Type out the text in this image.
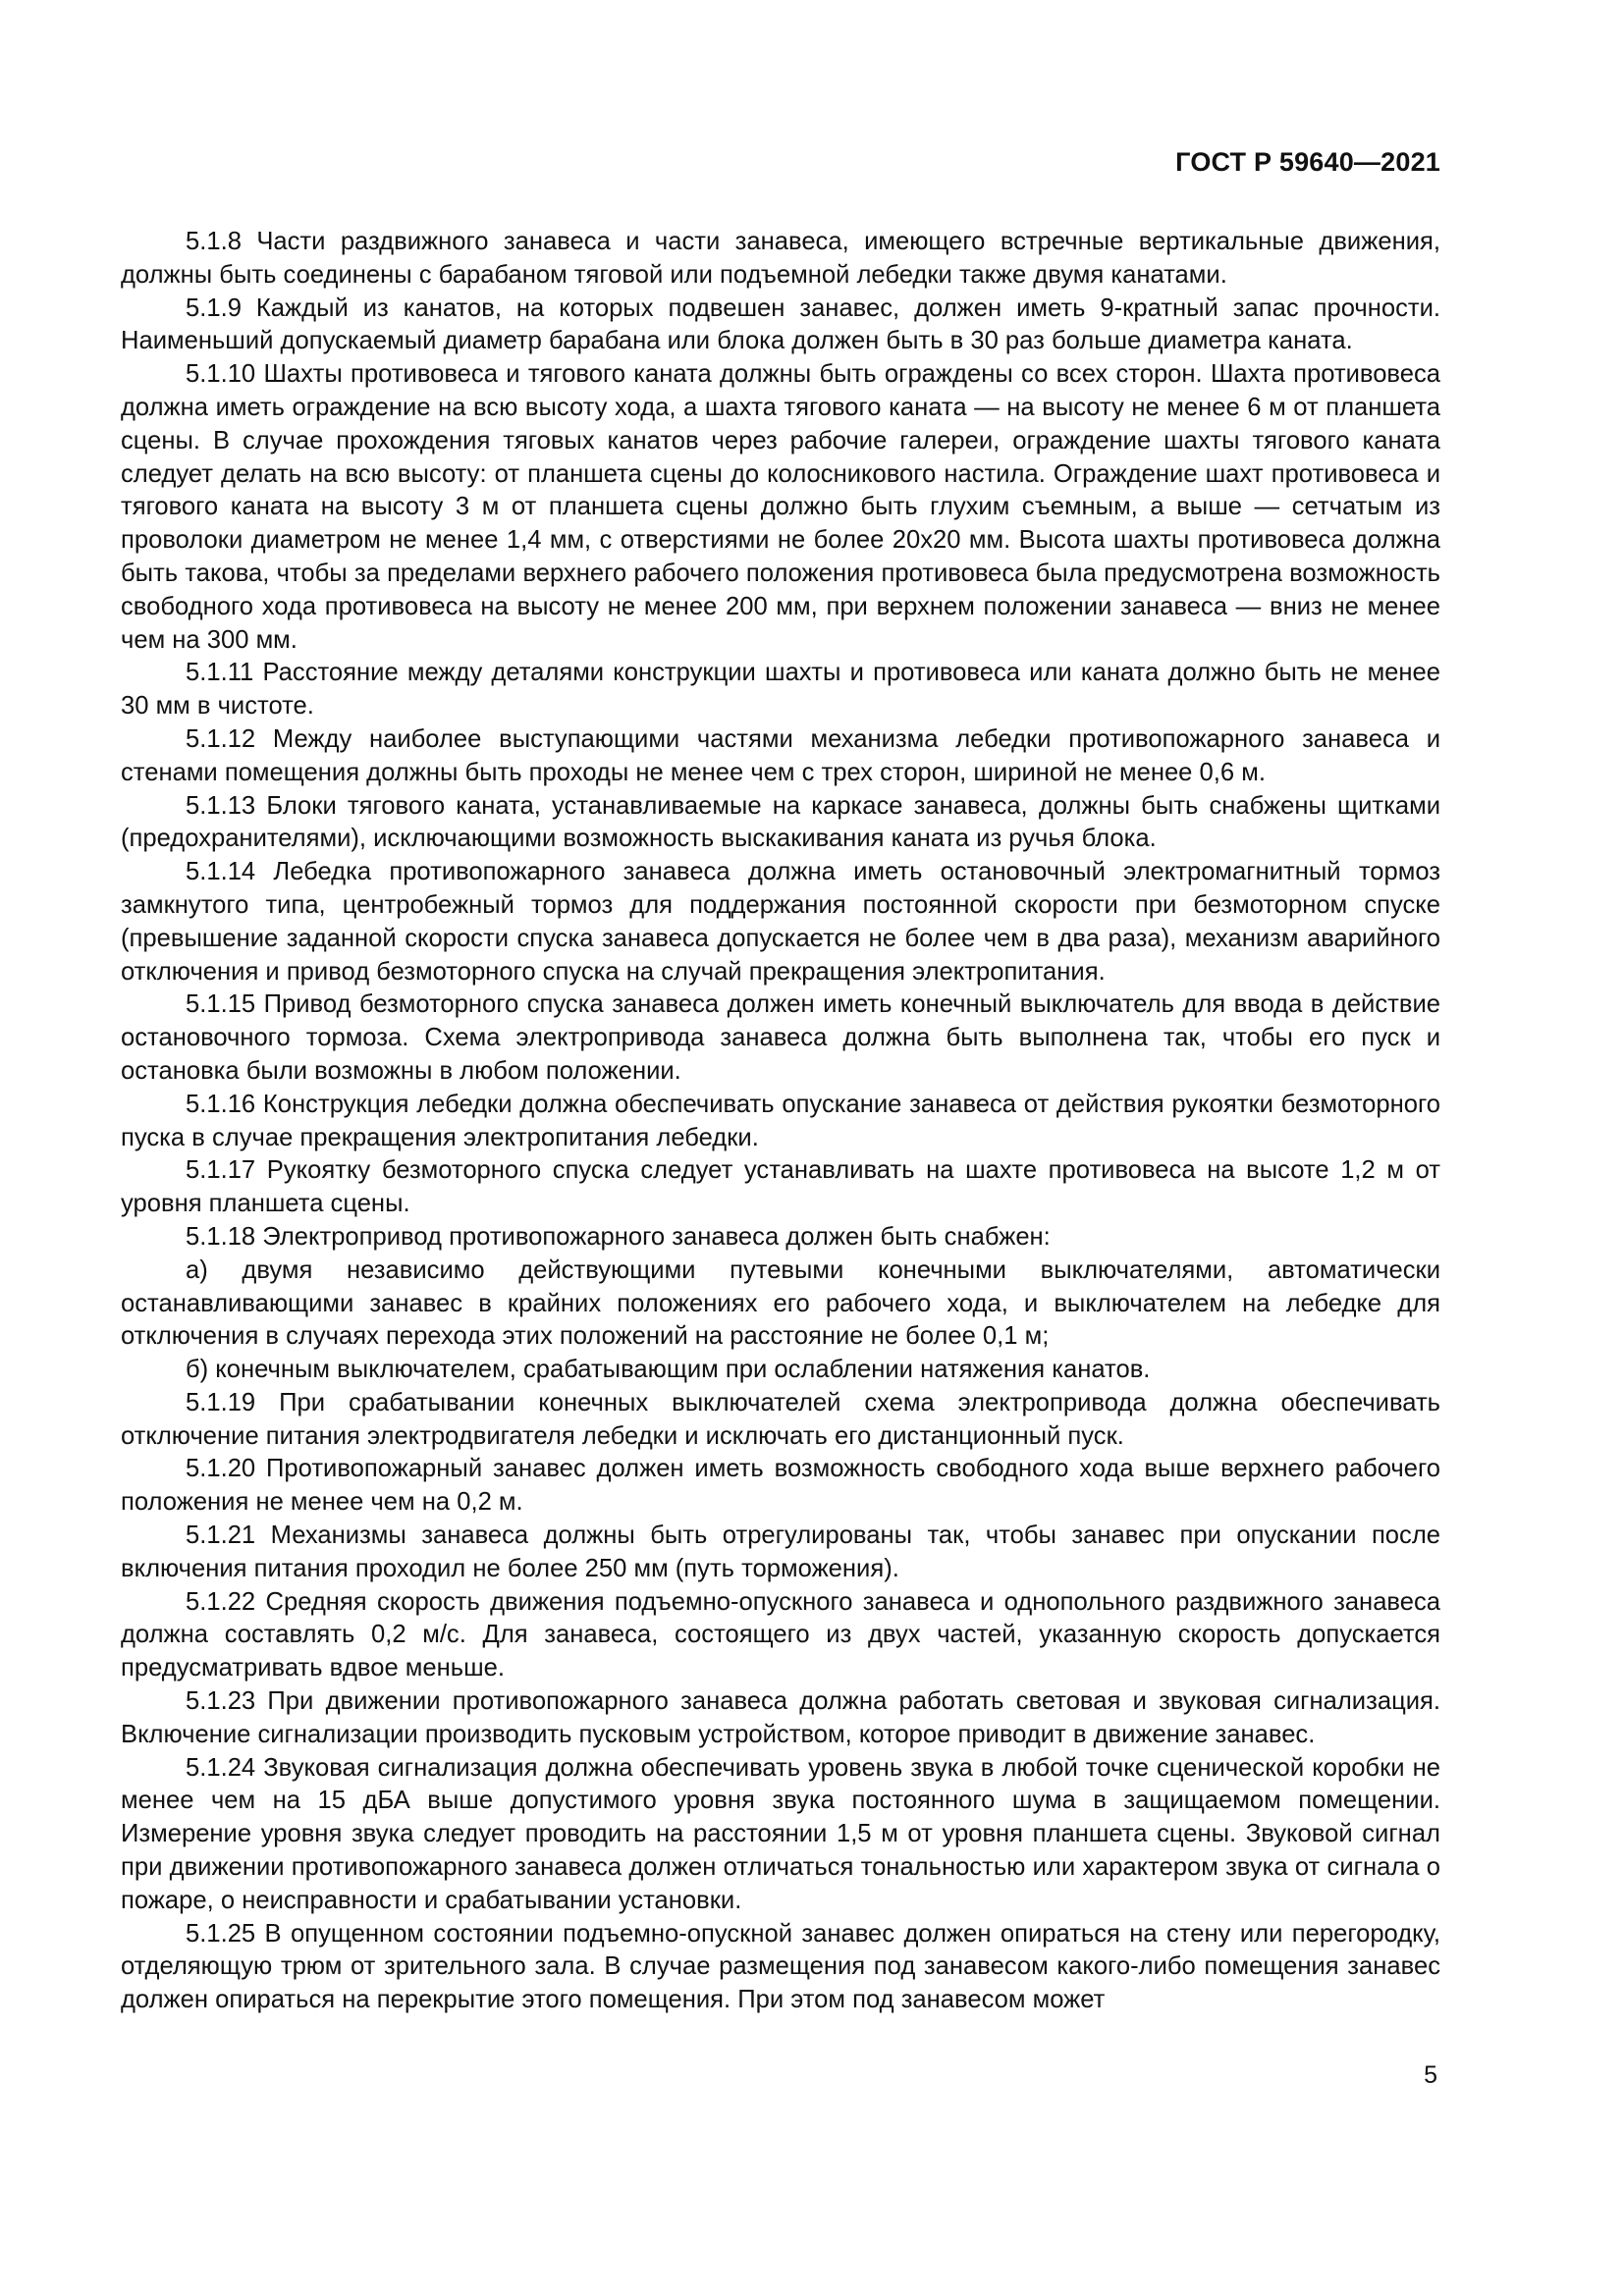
ГОСТ Р 59640—2021

5.1.8 Части раздвижного занавеса и части занавеса, имеющего встречные вертикальные движения, должны быть соединены с барабаном тяговой или подъемной лебедки также двумя канатами.

5.1.9 Каждый из канатов, на которых подвешен занавес, должен иметь 9-кратный запас прочности. Наименьший допускаемый диаметр барабана или блока должен быть в 30 раз больше диаметра каната.

5.1.10 Шахты противовеса и тягового каната должны быть ограждены со всех сторон. Шахта противовеса должна иметь ограждение на всю высоту хода, а шахта тягового каната — на высоту не менее 6 м от планшета сцены. В случае прохождения тяговых канатов через рабочие галереи, ограждение шахты тягового каната следует делать на всю высоту: от планшета сцены до колосникового настила. Ограждение шахт противовеса и тягового каната на высоту 3 м от планшета сцены должно быть глухим съемным, а выше — сетчатым из проволоки диаметром не менее 1,4 мм, с отверстиями не более 20х20 мм. Высота шахты противовеса должна быть такова, чтобы за пределами верхнего рабочего положения противовеса была предусмотрена возможность свободного хода противовеса на высоту не менее 200 мм, при верхнем положении занавеса — вниз не менее чем на 300 мм.

5.1.11 Расстояние между деталями конструкции шахты и противовеса или каната должно быть не менее 30 мм в чистоте.

5.1.12 Между наиболее выступающими частями механизма лебедки противопожарного занавеса и стенами помещения должны быть проходы не менее чем с трех сторон, шириной не менее 0,6 м.

5.1.13 Блоки тягового каната, устанавливаемые на каркасе занавеса, должны быть снабжены щитками (предохранителями), исключающими возможность выскакивания каната из ручья блока.

5.1.14 Лебедка противопожарного занавеса должна иметь остановочный электромагнитный тормоз замкнутого типа, центробежный тормоз для поддержания постоянной скорости при безмоторном спуске (превышение заданной скорости спуска занавеса допускается не более чем в два раза), механизм аварийного отключения и привод безмоторного спуска на случай прекращения электропитания.

5.1.15 Привод безмоторного спуска занавеса должен иметь конечный выключатель для ввода в действие остановочного тормоза. Схема электропривода занавеса должна быть выполнена так, чтобы его пуск и остановка были возможны в любом положении.

5.1.16 Конструкция лебедки должна обеспечивать опускание занавеса от действия рукоятки безмоторного пуска в случае прекращения электропитания лебедки.

5.1.17 Рукоятку безмоторного спуска следует устанавливать на шахте противовеса на высоте 1,2 м от уровня планшета сцены.

5.1.18 Электропривод противопожарного занавеса должен быть снабжен:

а) двумя независимо действующими путевыми конечными выключателями, автоматически останавливающими занавес в крайних положениях его рабочего хода, и выключателем на лебедке для отключения в случаях перехода этих положений на расстояние не более 0,1 м;

б) конечным выключателем, срабатывающим при ослаблении натяжения канатов.

5.1.19 При срабатывании конечных выключателей схема электропривода должна обеспечивать отключение питания электродвигателя лебедки и исключать его дистанционный пуск.

5.1.20 Противопожарный занавес должен иметь возможность свободного хода выше верхнего рабочего положения не менее чем на 0,2 м.

5.1.21 Механизмы занавеса должны быть отрегулированы так, чтобы занавес при опускании после включения питания проходил не более 250 мм (путь торможения).

5.1.22 Средняя скорость движения подъемно-опускного занавеса и однопольного раздвижного занавеса должна составлять 0,2 м/с. Для занавеса, состоящего из двух частей, указанную скорость допускается предусматривать вдвое меньше.

5.1.23 При движении противопожарного занавеса должна работать световая и звуковая сигнализация. Включение сигнализации производить пусковым устройством, которое приводит в движение занавес.

5.1.24 Звуковая сигнализация должна обеспечивать уровень звука в любой точке сценической коробки не менее чем на 15 дБА выше допустимого уровня звука постоянного шума в защищаемом помещении. Измерение уровня звука следует проводить на расстоянии 1,5 м от уровня планшета сцены. Звуковой сигнал при движении противопожарного занавеса должен отличаться тональностью или характером звука от сигнала о пожаре, о неисправности и срабатывании установки.

5.1.25 В опущенном состоянии подъемно-опускной занавес должен опираться на стену или перегородку, отделяющую трюм от зрительного зала. В случае размещения под занавесом какого-либо помещения занавес должен опираться на перекрытие этого помещения. При этом под занавесом может

5
